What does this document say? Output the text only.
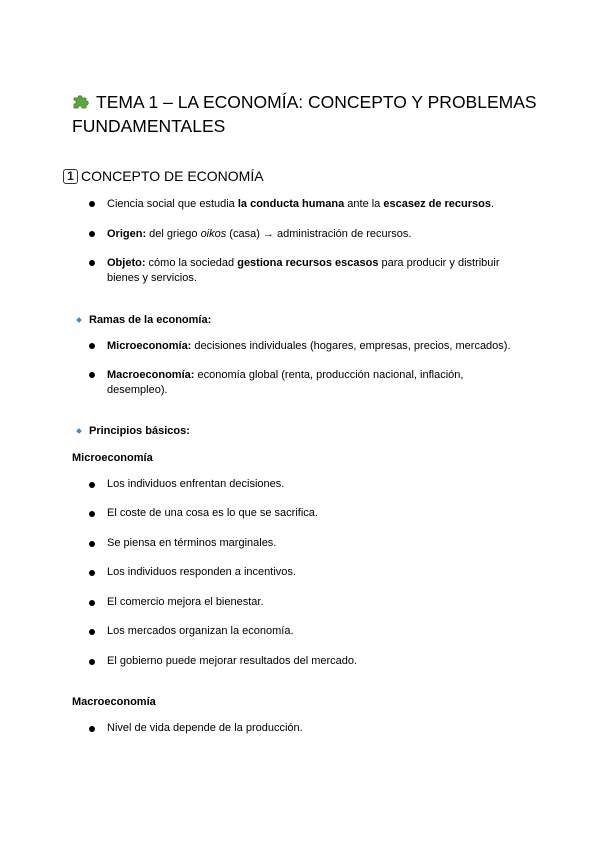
TEMA 1 – LA ECONOMÍA: CONCEPTO Y PROBLEMAS FUNDAMENTALES
1 CONCEPTO DE ECONOMÍA
Ciencia social que estudia la conducta humana ante la escasez de recursos.
Origen: del griego oikos (casa) → administración de recursos.
Objeto: cómo la sociedad gestiona recursos escasos para producir y distribuir bienes y servicios.
Ramas de la economía:
Microeconomía: decisiones individuales (hogares, empresas, precios, mercados).
Macroeconomía: economía global (renta, producción nacional, inflación, desempleo).
Principios básicos:
Microeconomía
Los individuos enfrentan decisiones.
El coste de una cosa es lo que se sacrifica.
Se piensa en términos marginales.
Los individuos responden a incentivos.
El comercio mejora el bienestar.
Los mercados organizan la economía.
El gobierno puede mejorar resultados del mercado.
Macroeconomía
Nivel de vida depende de la producción.
